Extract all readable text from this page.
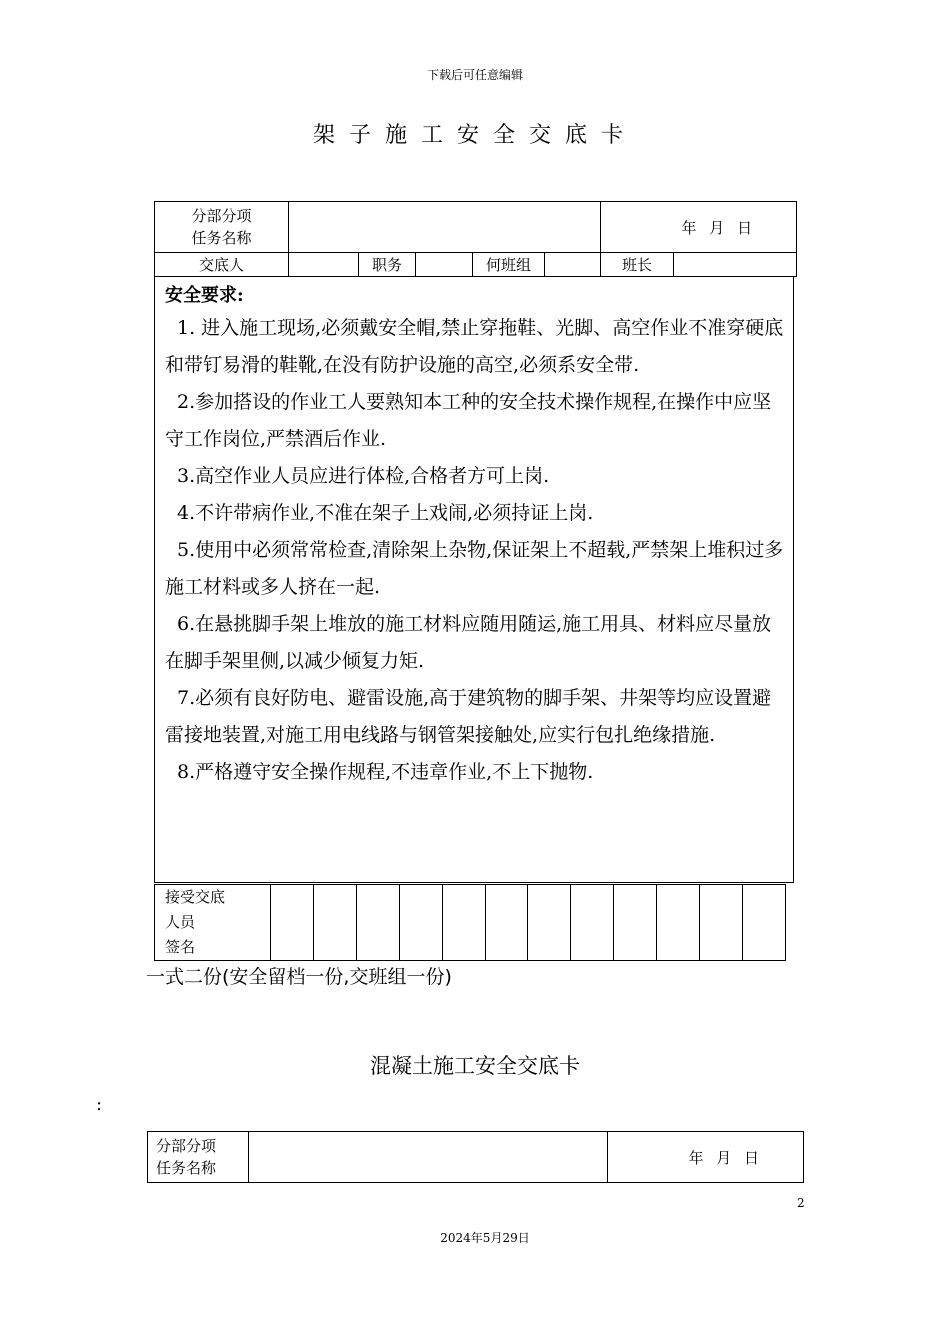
下载后可任意编辑
架子施工安全交底卡
分部分项
任务名称						年 月 日	
交底人		职务		何班组		班长	
安全要求:

1. 进入施工现场,必须戴安全帽,禁止穿拖鞋、光脚、高空作业不准穿硬底和带钉易滑的鞋靴,在没有防护设施的高空,必须系安全带.

2.参加搭设的作业工人要熟知本工种的安全技术操作规程,在操作中应坚守工作岗位,严禁酒后作业.

3.高空作业人员应进行体检,合格者方可上岗.

4.不许带病作业,不准在架子上戏闹,必须持证上岗.

5.使用中必须常常检查,清除架上杂物,保证架上不超载,严禁架上堆积过多施工材料或多人挤在一起.

6.在悬挑脚手架上堆放的施工材料应随用随运,施工用具、材料应尽量放在脚手架里侧,以减少倾复力矩.

7.必须有良好防电、避雷设施,高于建筑物的脚手架、井架等均应设置避雷接地装置,对施工用电线路与钢管架接触处,应实行包扎绝缘措施.

8.严格遵守安全操作规程,不违章作业,不上下抛物.

接受交底
人员
签名

一式二份(安全留档一份,交班组一份)
混凝土施工安全交底卡
:
分部分项
任务名称
		年 月 日
2
2024年5月29日
